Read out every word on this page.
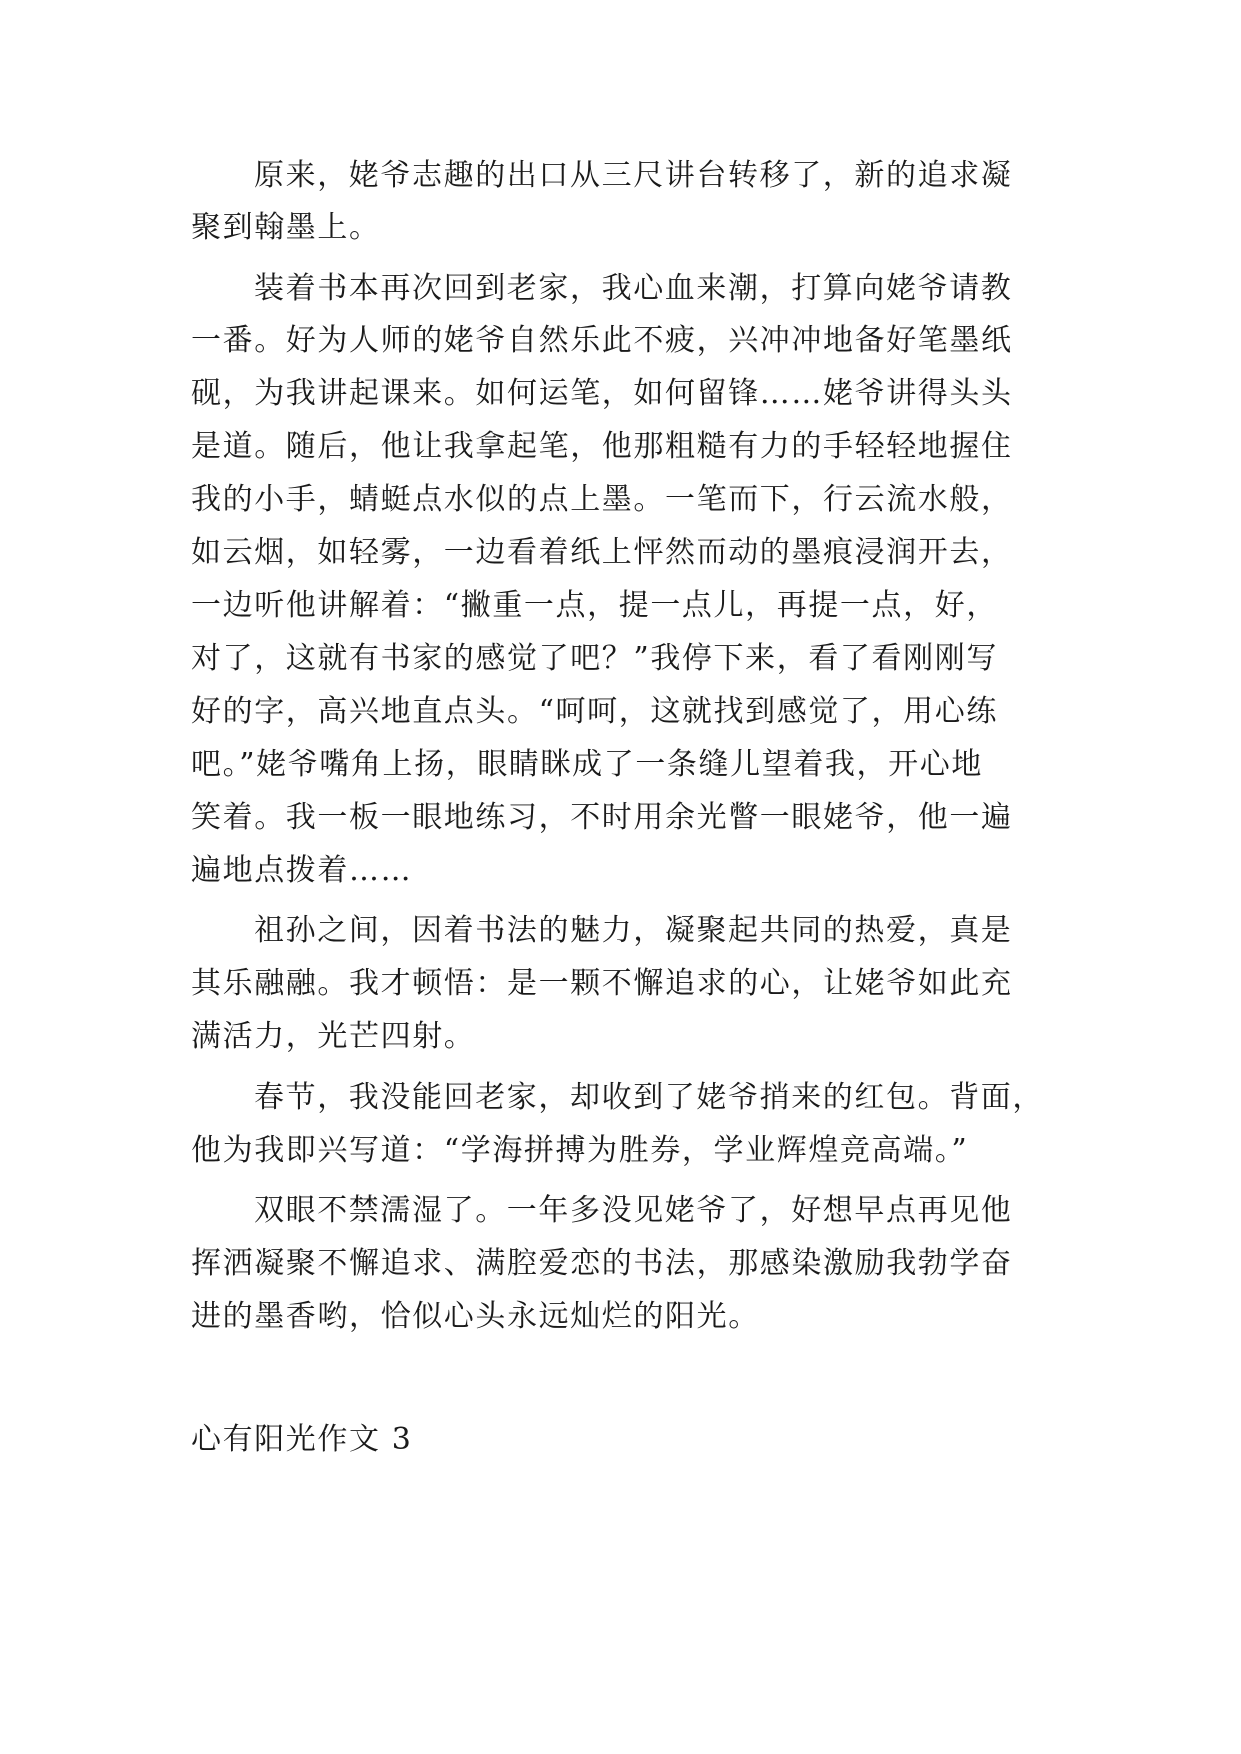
原来，姥爷志趣的出口从三尺讲台转移了，新的追求凝
聚到翰墨上。
装着书本再次回到老家，我心血来潮，打算向姥爷请教
一番。好为人师的姥爷自然乐此不疲，兴冲冲地备好笔墨纸
砚，为我讲起课来。如何运笔，如何留锋……姥爷讲得头头
是道。随后，他让我拿起笔，他那粗糙有力的手轻轻地握住
我的小手，蜻蜓点水似的点上墨。一笔而下，行云流水般，
如云烟，如轻雾，一边看着纸上怦然而动的墨痕浸润开去，
一边听他讲解着：“撇重一点，提一点儿，再提一点，好，
对了，这就有书家的感觉了吧？”我停下来，看了看刚刚写
好的字，高兴地直点头。“呵呵，这就找到感觉了，用心练
吧。”姥爷嘴角上扬，眼睛眯成了一条缝儿望着我，开心地
笑着。我一板一眼地练习，不时用余光瞥一眼姥爷，他一遍
遍地点拨着……
祖孙之间，因着书法的魅力，凝聚起共同的热爱，真是
其乐融融。我才顿悟：是一颗不懈追求的心，让姥爷如此充
满活力，光芒四射。
春节，我没能回老家，却收到了姥爷捎来的红包。背面，
他为我即兴写道：“学海拼搏为胜券，学业辉煌竞高端。”
双眼不禁濡湿了。一年多没见姥爷了，好想早点再见他
挥洒凝聚不懈追求、满腔爱恋的书法，那感染激励我勃学奋
进的墨香哟，恰似心头永远灿烂的阳光。
心有阳光作文 3
